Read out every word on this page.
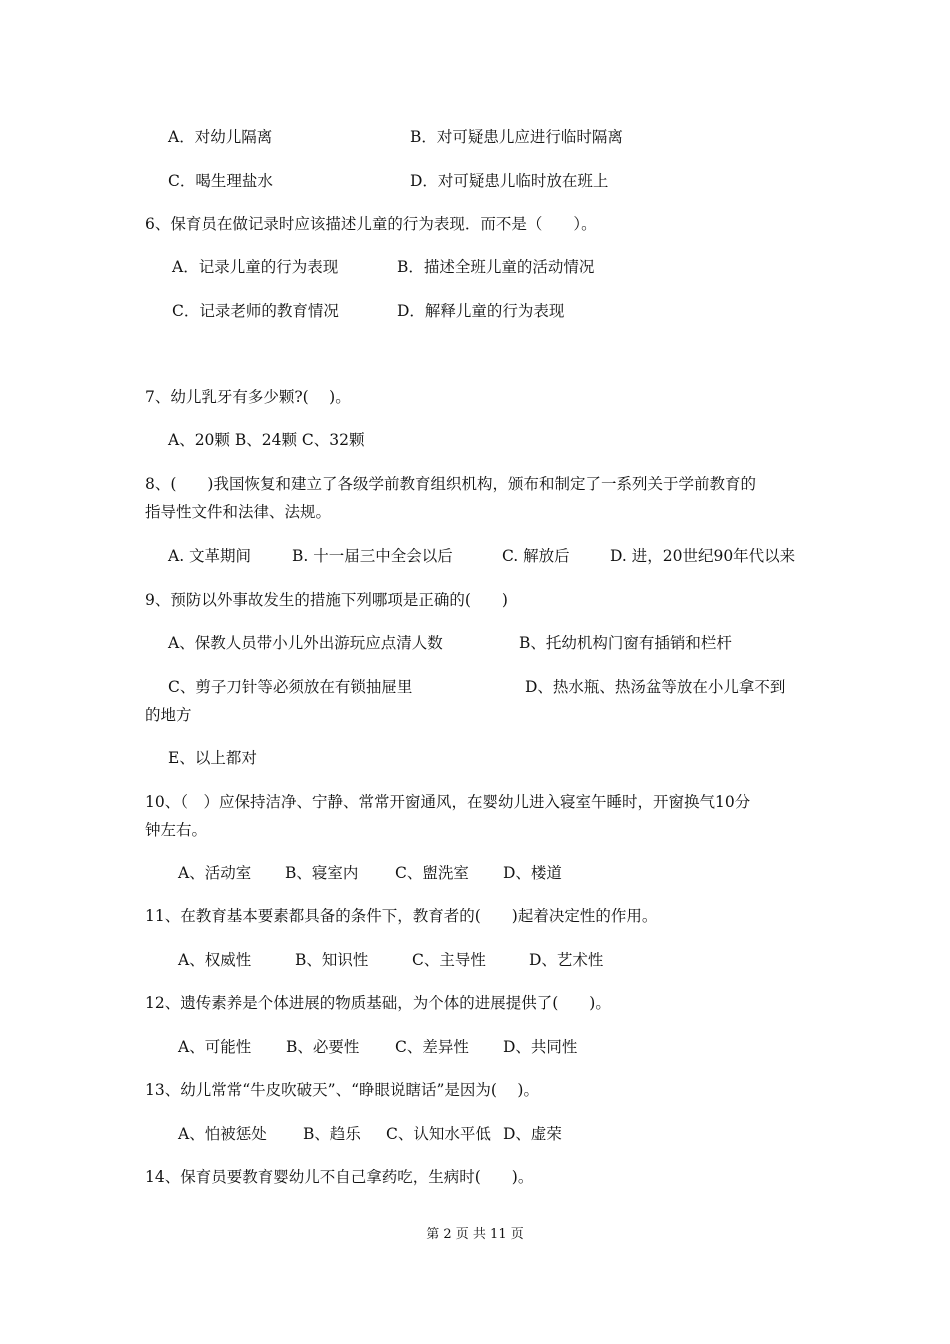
A．对幼儿隔离	B．对可疑患儿应进行临时隔离
C．喝生理盐水	D．对可疑患儿临时放在班上
6、保育员在做记录时应该描述儿童的行为表现．而不是（　　）。
A．记录儿童的行为表现	B．描述全班儿童的活动情况
C．记录老师的教育情况	D．解释儿童的行为表现
7、幼儿乳牙有多少颗?(　 )。
A、20颗 B、24颗 C、32颗
8、(　　)我国恢复和建立了各级学前教育组织机构，颁布和制定了一系列关于学前教育的
指导性文件和法律、法规。
A. 文革期间	B. 十一届三中全会以后	C. 解放后	D. 进，20世纪90年代以来
9、预防以外事故发生的措施下列哪项是正确的(　　)
A、保教人员带小儿外出游玩应点清人数	B、托幼机构门窗有插销和栏杆
C、剪子刀针等必须放在有锁抽屉里	D、热水瓶、热汤盆等放在小儿拿不到
的地方
E、以上都对
10、（　）应保持洁净、宁静、常常开窗通风，在婴幼儿进入寝室午睡时，开窗换气10分
钟左右。
A、活动室 B、寝室内 C、盥洗室 D、楼道
11、在教育基本要素都具备的条件下，教育者的(　　)起着决定性的作用。
A、权威性	B、知识性	C、主导性	D、艺术性
12、遗传素养是个体进展的物质基础，为个体的进展提供了(　　)。
A、可能性 B、必要性 C、差异性 D、共同性
13、幼儿常常“牛皮吹破天”、“睁眼说瞎话”是因为(　 )。
A、怕被惩处 B、趋乐 C、认知水平低 D、虚荣
14、保育员要教育婴幼儿不自己拿药吃，生病时(　　)。
第 2 页 共 11 页
